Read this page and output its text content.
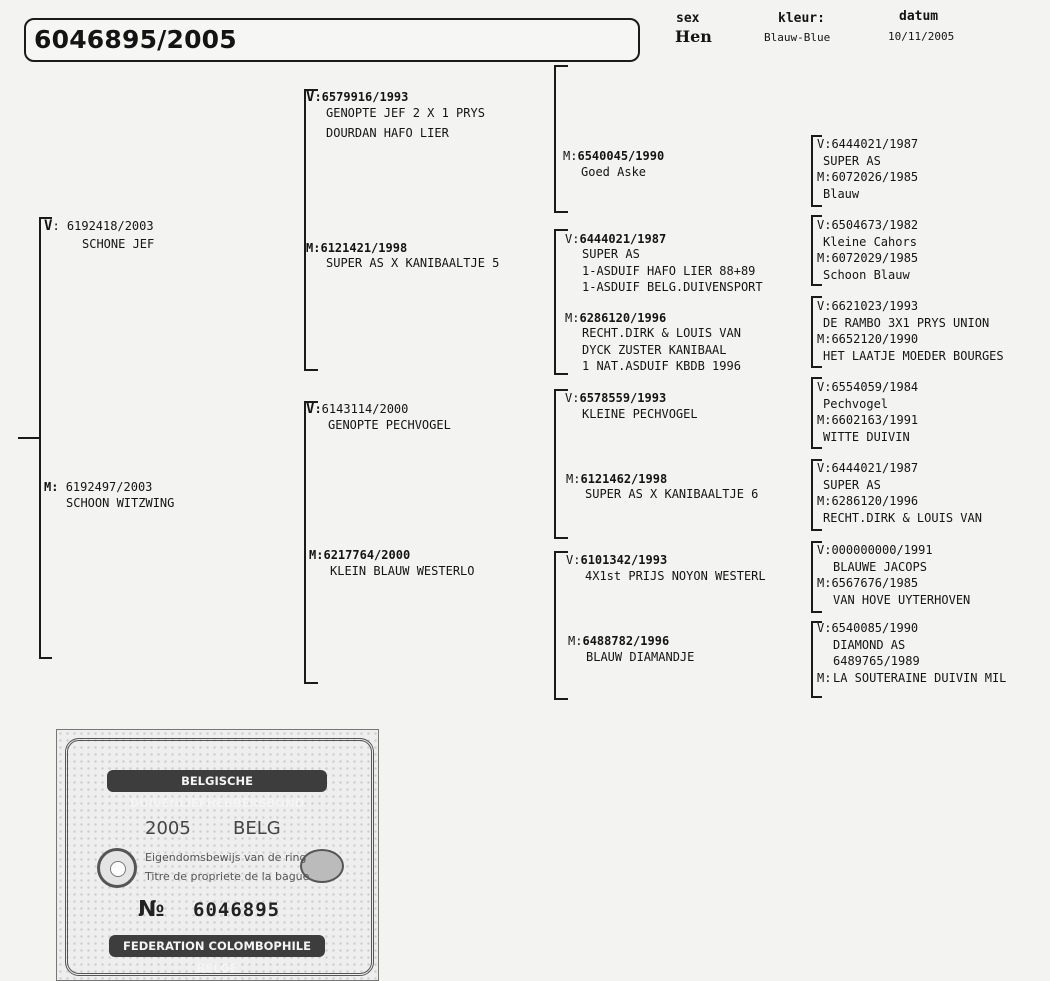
6046895/2005
sex
Hen
kleur:
Blauw-Blue
datum
10/11/2005
V: 6192418/2003
SCHONE JEF
M: 6192497/2003
SCHOON WITZWING
V:6579916/1993
GENOPTE JEF 2 X 1 PRYS
DOURDAN HAFO LIER
M:6121421/1998
SUPER AS X KANIBAALTJE 5
V:6143114/2000
GENOPTE PECHVOGEL
M:6217764/2000
KLEIN BLAUW WESTERLO
M:6540045/1990
Goed Aske
V:6444021/1987
SUPER AS
1-ASDUIF HAFO LIER 88+89
1-ASDUIF BELG.DUIVENSPORT
M:6286120/1996
RECHT.DIRK & LOUIS VAN
DYCK ZUSTER KANIBAAL
1 NAT.ASDUIF KBDB 1996
V:6578559/1993
KLEINE PECHVOGEL
M:6121462/1998
SUPER AS X KANIBAALTJE 6
V:6101342/1993
4X1st PRIJS NOYON WESTERL
M:6488782/1996
BLAUW DIAMANDJE
V:6444021/1987
SUPER AS
M:6072026/1985
Blauw
V:6504673/1982
Kleine Cahors
M:6072029/1985
Schoon Blauw
V:6621023/1993
DE RAMBO 3X1 PRYS UNION
M:6652120/1990
HET LAATJE MOEDER BOURGES
V:6554059/1984
Pechvogel
M:6602163/1991
WITTE DUIVIN
V:6444021/1987
SUPER AS
M:6286120/1996
RECHT.DIRK & LOUIS VAN
V:000000000/1991
BLAUWE JACOPS
M:6567676/1985
VAN HOVE UYTERHOVEN
V:6540085/1990
DIAMOND AS
6489765/1989
M: LA SOUTERAINE DUIVIN MIL
BELGISCHE DUIVENLIEFHEBBERSBOND
2005 BELG
Eigendomsbewijs van de ring
Titre de propriete de la bague
№ 6046895
FEDERATION COLOMBOPHILE BELGE
